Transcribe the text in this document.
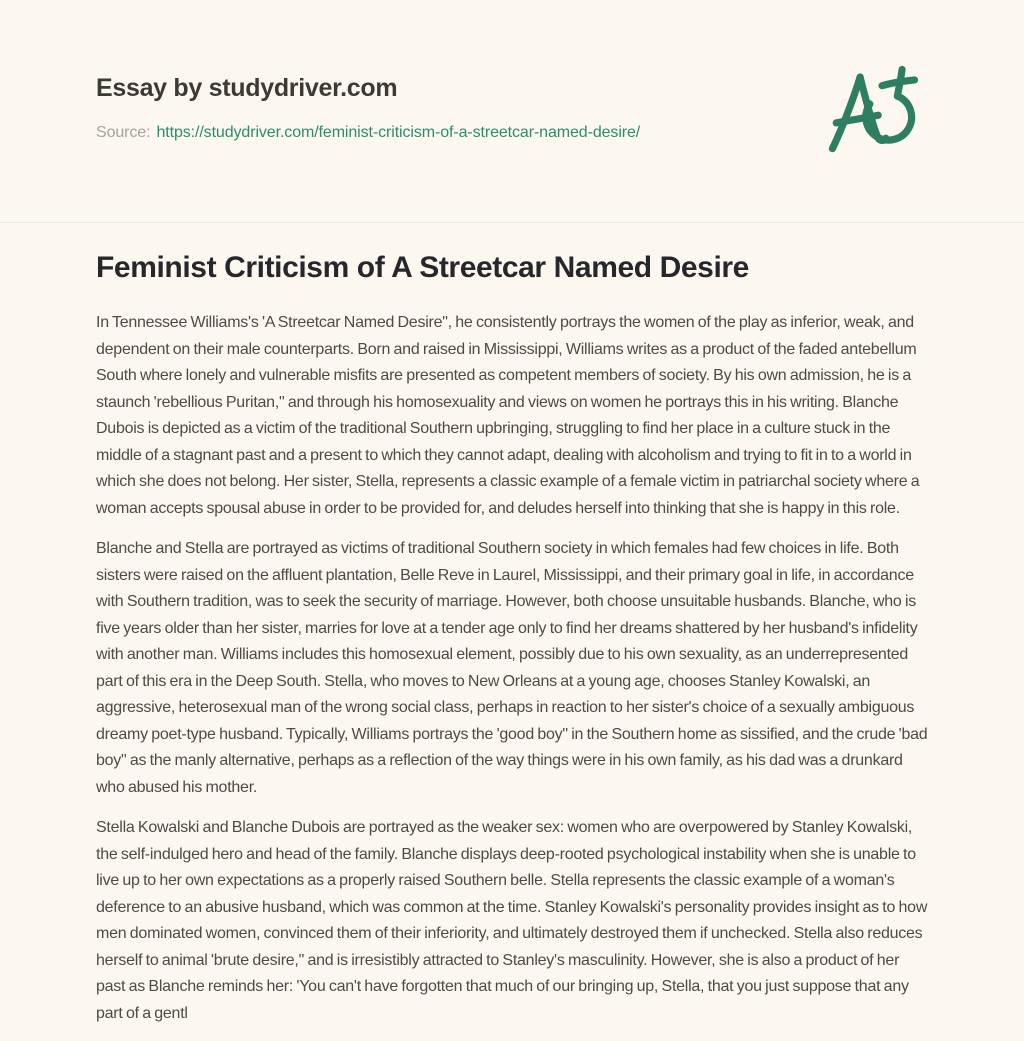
Essay by studydriver.com
Source: https://studydriver.com/feminist-criticism-of-a-streetcar-named-desire/
Feminist Criticism of A Streetcar Named Desire

In Tennessee Williams's 'A Streetcar Named Desire", he consistently portrays the women of the play as inferior, weak, and dependent on their male counterparts. Born and raised in Mississippi, Williams writes as a product of the faded antebellum South where lonely and vulnerable misfits are presented as competent members of society. By his own admission, he is a staunch 'rebellious Puritan," and through his homosexuality and views on women he portrays this in his writing. Blanche Dubois is depicted as a victim of the traditional Southern upbringing, struggling to find her place in a culture stuck in the middle of a stagnant past and a present to which they cannot adapt, dealing with alcoholism and trying to fit in to a world in which she does not belong. Her sister, Stella, represents a classic example of a female victim in patriarchal society where a woman accepts spousal abuse in order to be provided for, and deludes herself into thinking that she is happy in this role.

Blanche and Stella are portrayed as victims of traditional Southern society in which females had few choices in life. Both sisters were raised on the affluent plantation, Belle Reve in Laurel, Mississippi, and their primary goal in life, in accordance with Southern tradition, was to seek the security of marriage. However, both choose unsuitable husbands. Blanche, who is five years older than her sister, marries for love at a tender age only to find her dreams shattered by her husband's infidelity with another man. Williams includes this homosexual element, possibly due to his own sexuality, as an underrepresented part of this era in the Deep South. Stella, who moves to New Orleans at a young age, chooses Stanley Kowalski, an aggressive, heterosexual man of the wrong social class, perhaps in reaction to her sister's choice of a sexually ambiguous dreamy poet-type husband. Typically, Williams portrays the 'good boy" in the Southern home as sissified, and the crude 'bad boy" as the manly alternative, perhaps as a reflection of the way things were in his own family, as his dad was a drunkard who abused his mother.

Stella Kowalski and Blanche Dubois are portrayed as the weaker sex: women who are overpowered by Stanley Kowalski, the self-indulged hero and head of the family. Blanche displays deep-rooted psychological instability when she is unable to live up to her own expectations as a properly raised Southern belle. Stella represents the classic example of a woman's deference to an abusive husband, which was common at the time. Stanley Kowalski's personality provides insight as to how men dominated women, convinced them of their inferiority, and ultimately destroyed them if unchecked. Stella also reduces herself to animal 'brute desire," and is irresistibly attracted to Stanley's masculinity. However, she is also a product of her past as Blanche reminds her: 'You can't have forgotten that much of our bringing up, Stella, that you just suppose that any part of a gentl
